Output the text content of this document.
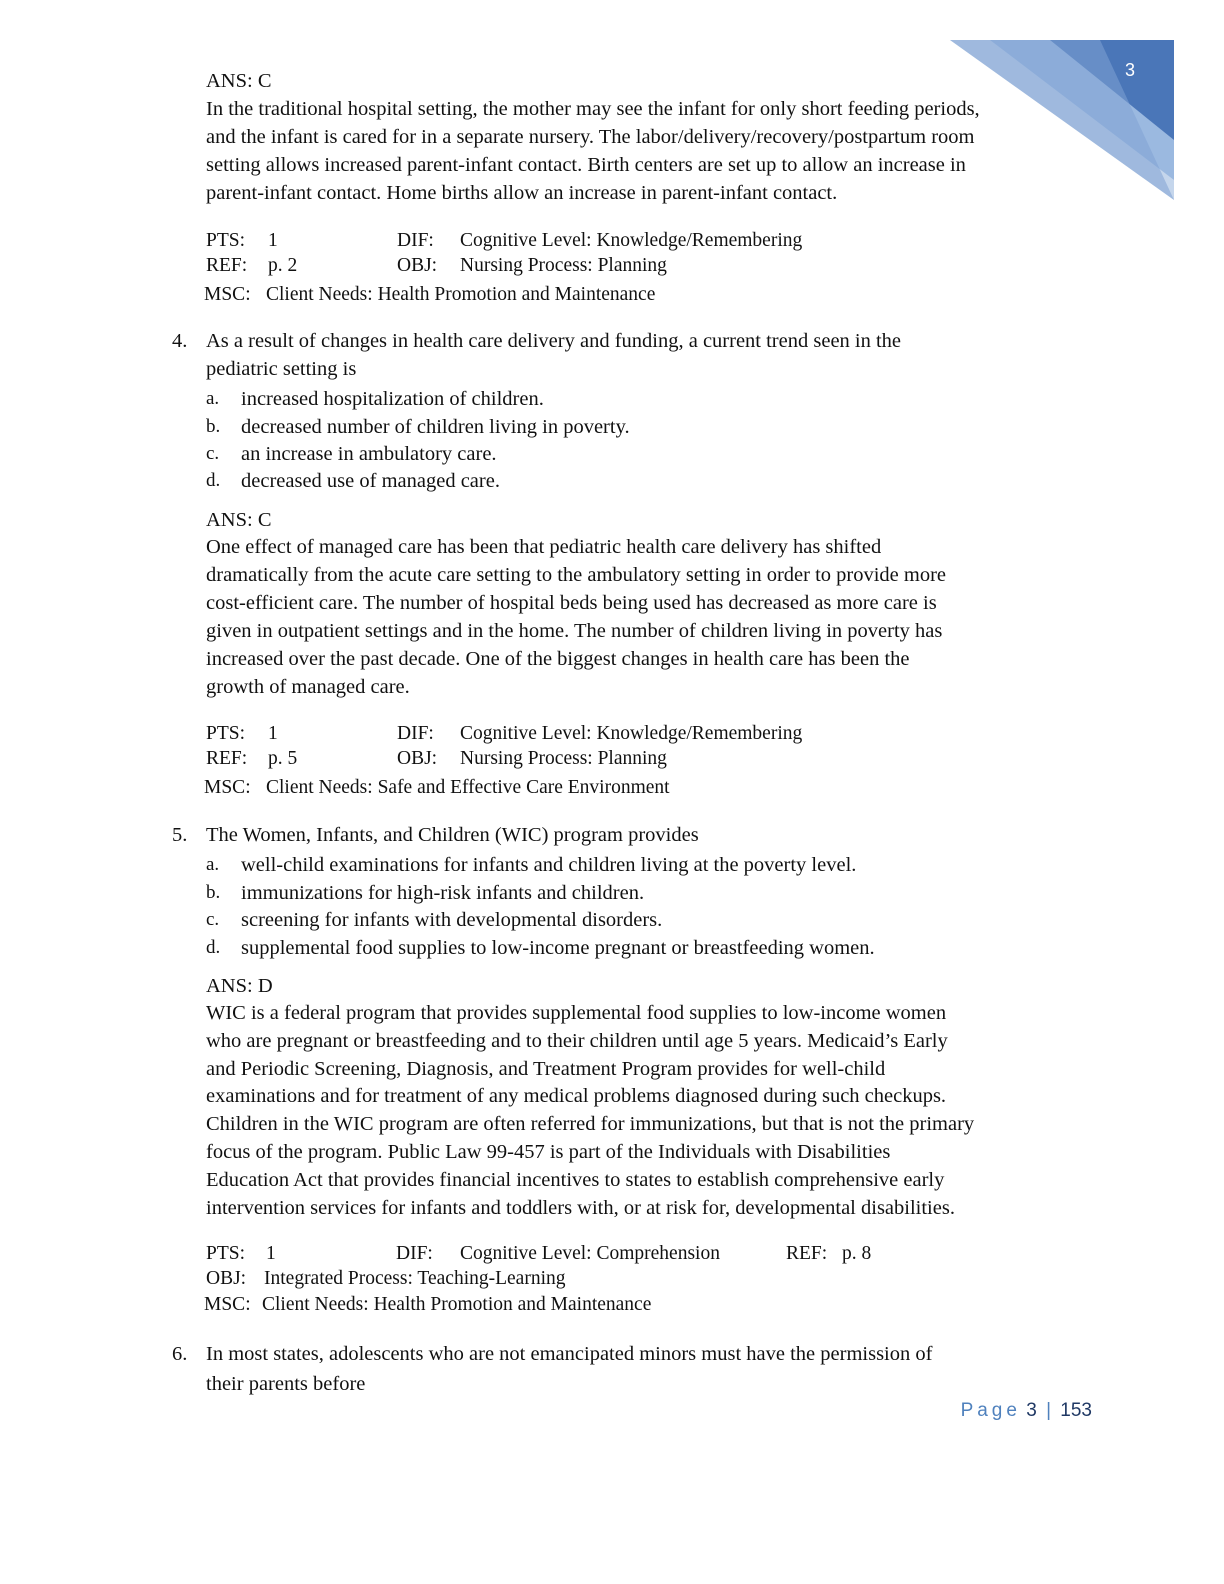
3
ANS: C
In the traditional hospital setting, the mother may see the infant for only short feeding periods,
and the infant is cared for in a separate nursery. The labor/delivery/recovery/postpartum room
setting allows increased parent-infant contact. Birth centers are set up to allow an increase in
parent-infant contact. Home births allow an increase in parent-infant contact.
PTS: 1	DIF: Cognitive Level: Knowledge/Remembering
REF: p. 2	OBJ: Nursing Process: Planning
MSC: Client Needs: Health Promotion and Maintenance
4. As a result of changes in health care delivery and funding, a current trend seen in the
pediatric setting is
a. increased hospitalization of children.
b. decreased number of children living in poverty.
c. an increase in ambulatory care.
d. decreased use of managed care.
ANS: C
One effect of managed care has been that pediatric health care delivery has shifted
dramatically from the acute care setting to the ambulatory setting in order to provide more
cost-efficient care. The number of hospital beds being used has decreased as more care is
given in outpatient settings and in the home. The number of children living in poverty has
increased over the past decade. One of the biggest changes in health care has been the
growth of managed care.
PTS: 1	DIF: Cognitive Level: Knowledge/Remembering
REF: p. 5	OBJ: Nursing Process: Planning
MSC: Client Needs: Safe and Effective Care Environment
5. The Women, Infants, and Children (WIC) program provides
a. well-child examinations for infants and children living at the poverty level.
b. immunizations for high-risk infants and children.
c. screening for infants with developmental disorders.
d. supplemental food supplies to low-income pregnant or breastfeeding women.
ANS: D
WIC is a federal program that provides supplemental food supplies to low-income women
who are pregnant or breastfeeding and to their children until age 5 years. Medicaid’s Early
and Periodic Screening, Diagnosis, and Treatment Program provides for well-child
examinations and for treatment of any medical problems diagnosed during such checkups.
Children in the WIC program are often referred for immunizations, but that is not the primary
focus of the program. Public Law 99-457 is part of the Individuals with Disabilities
Education Act that provides financial incentives to states to establish comprehensive early
intervention services for infants and toddlers with, or at risk for, developmental disabilities.
PTS: 1	DIF: Cognitive Level: Comprehension	REF: p. 8
OBJ: Integrated Process: Teaching-Learning
MSC: Client Needs: Health Promotion and Maintenance
6. In most states, adolescents who are not emancipated minors must have the permission of
their parents before
Page 3 | 153
